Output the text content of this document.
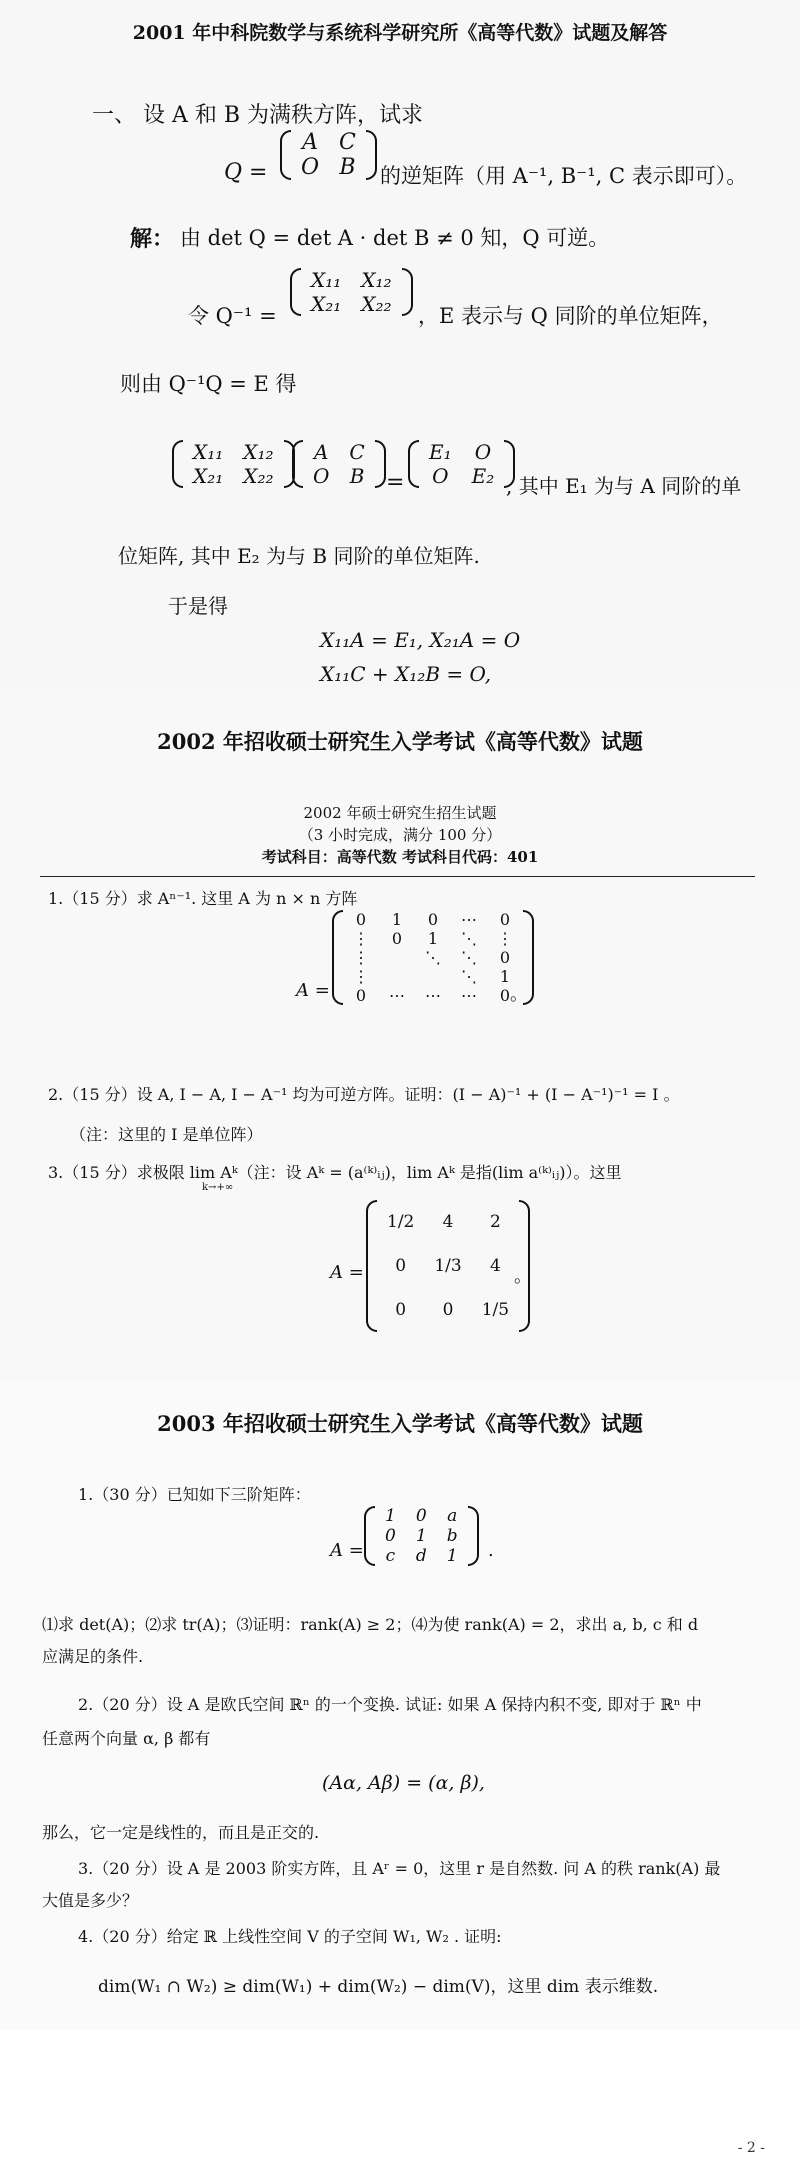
2001 年中科院数学与系统科学研究所《高等代数》试题及解答
一、 设 A 和 B 为满秩方阵，试求
Q =
A	C
O	B 的逆矩阵（用 A⁻¹, B⁻¹, C 表示即可）。
解： 由 det Q = det A · det B ≠ 0 知，Q 可逆。
令 Q⁻¹ =
X₁₁	X₁₂
X₂₁	X₂₂ ，E 表示与 Q 同阶的单位矩阵，
则由 Q⁻¹Q = E 得
X₁₁	X₁₂
X₂₁	X₂₂
A	C
O	B =
E₁	O
O	E₂ , 其中 E₁ 为与 A 同阶的单
位矩阵, 其中 E₂ 为与 B 同阶的单位矩阵.
于是得
X₁₁A = E₁, X₂₁A = O
X₁₁C + X₁₂B = O,
2002 年招收硕士研究生入学考试《高等代数》试题
2002 年硕士研究生招生试题
（3 小时完成，满分 100 分）
考试科目：高等代数 考试科目代码：401
1.（15 分）求 Aⁿ⁻¹. 这里 A 为 n × n 方阵
A =
0	1	0	⋯	0
⋮	0	1	⋱	⋮
⋮		⋱	⋱	0
⋮			⋱	1
0	⋯	⋯	⋯	0 。
2.（15 分）设 A, I − A, I − A⁻¹ 均为可逆方阵。证明：(I − A)⁻¹ + (I − A⁻¹)⁻¹ = I 。
（注：这里的 I 是单位阵）
3.（15 分）求极限 lim Aᵏ（注：设 Aᵏ = (a⁽ᵏ⁾ᵢⱼ)，lim Aᵏ 是指(lim a⁽ᵏ⁾ᵢⱼ)）。这里
k→+∞
A =
1/2	4	2
0	1/3	4
0	0	1/5
。
2003 年招收硕士研究生入学考试《高等代数》试题
1.（30 分）已知如下三阶矩阵：
A =
1	0	a
0	1	b
c	d	1 .
⑴求 det(A)；⑵求 tr(A)；⑶证明：rank(A) ≥ 2；⑷为使 rank(A) = 2，求出 a, b, c 和 d
应满足的条件.
2.（20 分）设 A 是欧氏空间 ℝⁿ 的一个变换. 试证: 如果 A 保持内积不变, 即对于 ℝⁿ 中
任意两个向量 α, β 都有
(Aα, Aβ) = (α, β),
那么，它一定是线性的，而且是正交的.
3.（20 分）设 A 是 2003 阶实方阵，且 Aʳ = 0，这里 r 是自然数. 问 A 的秩 rank(A) 最
大值是多少？
4.（20 分）给定 ℝ 上线性空间 V 的子空间 W₁, W₂ . 证明:
dim(W₁ ∩ W₂) ≥ dim(W₁) + dim(W₂) − dim(V)，这里 dim 表示维数.
- 2 -
